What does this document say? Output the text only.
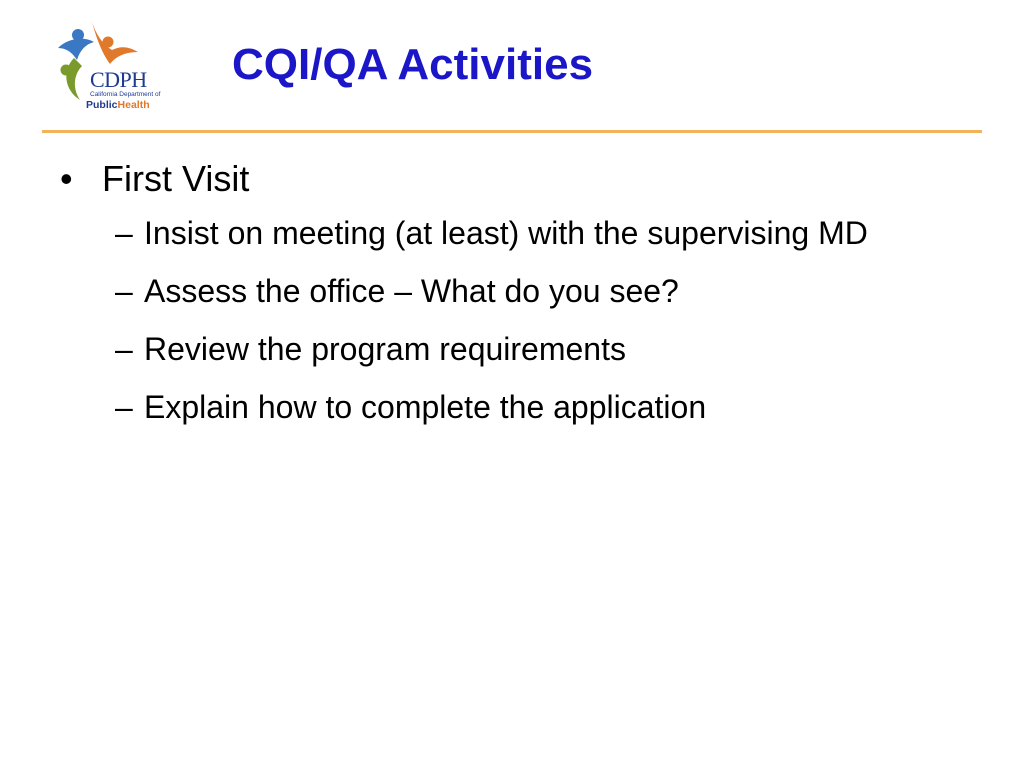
CDPH
California Department of
PublicHealth
CQI/QA Activities
• First Visit
– Insist on meeting (at least) with the supervising MD
– Assess the office – What do you see?
– Review the program requirements
– Explain how to complete the application
